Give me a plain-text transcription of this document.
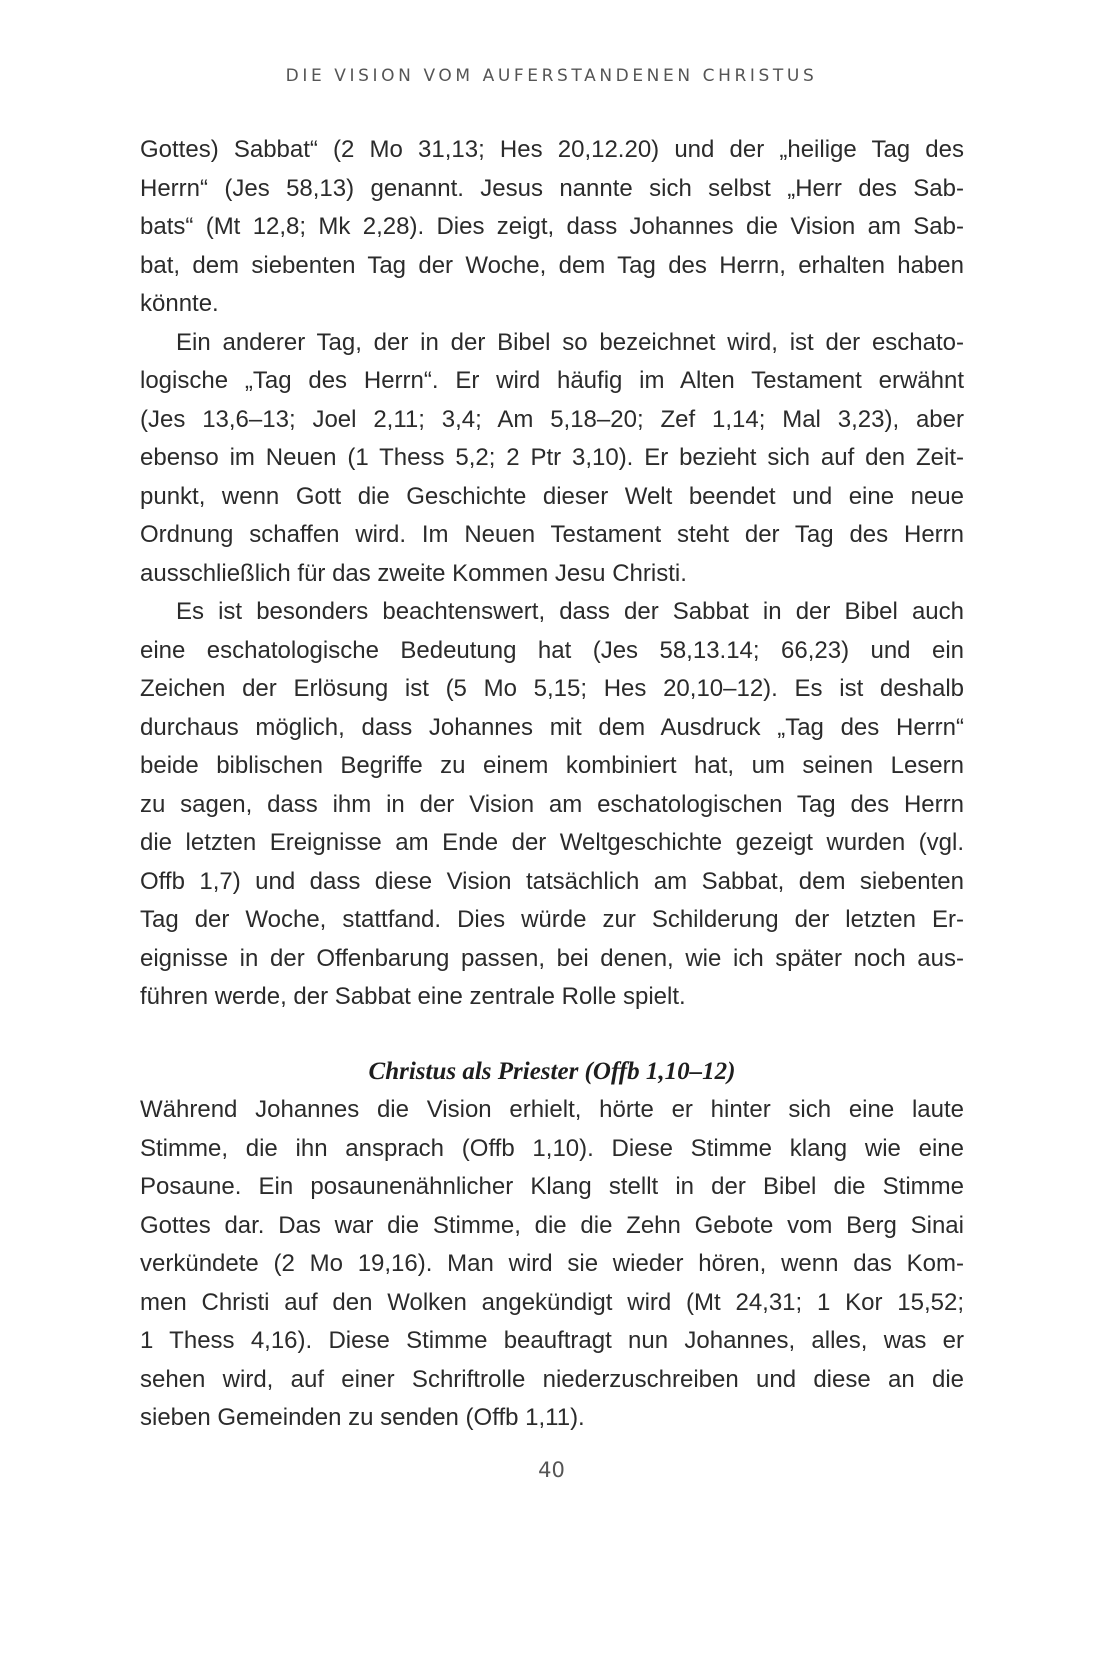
DIE VISION VOM AUFERSTANDENEN CHRISTUS
Gottes) Sabbat“ (2 Mo 31,13; Hes 20,12.20) und der „heilige Tag des
Herrn“ (Jes 58,13) genannt. Jesus nannte sich selbst „Herr des Sab-
bats“ (Mt 12,8; Mk 2,28). Dies zeigt, dass Johannes die Vision am Sab-
bat, dem siebenten Tag der Woche, dem Tag des Herrn, erhalten haben
könnte.
Ein anderer Tag, der in der Bibel so bezeichnet wird, ist der eschato-
logische „Tag des Herrn“. Er wird häufig im Alten Testament erwähnt
(Jes 13,6–13; Joel 2,11; 3,4; Am 5,18–20; Zef 1,14; Mal 3,23), aber
ebenso im Neuen (1 Thess 5,2; 2 Ptr 3,10). Er bezieht sich auf den Zeit-
punkt, wenn Gott die Geschichte dieser Welt beendet und eine neue
Ordnung schaffen wird. Im Neuen Testament steht der Tag des Herrn
ausschließlich für das zweite Kommen Jesu Christi.
Es ist besonders beachtenswert, dass der Sabbat in der Bibel auch
eine eschatologische Bedeutung hat (Jes 58,13.14; 66,23) und ein
Zeichen der Erlösung ist (5 Mo 5,15; Hes 20,10–12). Es ist deshalb
durchaus möglich, dass Johannes mit dem Ausdruck „Tag des Herrn“
beide biblischen Begriffe zu einem kombiniert hat, um seinen Lesern
zu sagen, dass ihm in der Vision am eschatologischen Tag des Herrn
die letzten Ereignisse am Ende der Weltgeschichte gezeigt wurden (vgl.
Offb 1,7) und dass diese Vision tatsächlich am Sabbat, dem siebenten
Tag der Woche, stattfand. Dies würde zur Schilderung der letzten Er-
eignisse in der Offenbarung passen, bei denen, wie ich später noch aus-
führen werde, der Sabbat eine zentrale Rolle spielt.
Christus als Priester (Offb 1,10–12)
Während Johannes die Vision erhielt, hörte er hinter sich eine laute
Stimme, die ihn ansprach (Offb 1,10). Diese Stimme klang wie eine
Posaune. Ein posaunenähnlicher Klang stellt in der Bibel die Stimme
Gottes dar. Das war die Stimme, die die Zehn Gebote vom Berg Sinai
verkündete (2 Mo 19,16). Man wird sie wieder hören, wenn das Kom-
men Christi auf den Wolken angekündigt wird (Mt 24,31; 1 Kor 15,52;
1 Thess 4,16). Diese Stimme beauftragt nun Johannes, alles, was er
sehen wird, auf einer Schriftrolle niederzuschreiben und diese an die
sieben Gemeinden zu senden (Offb 1,11).
40
